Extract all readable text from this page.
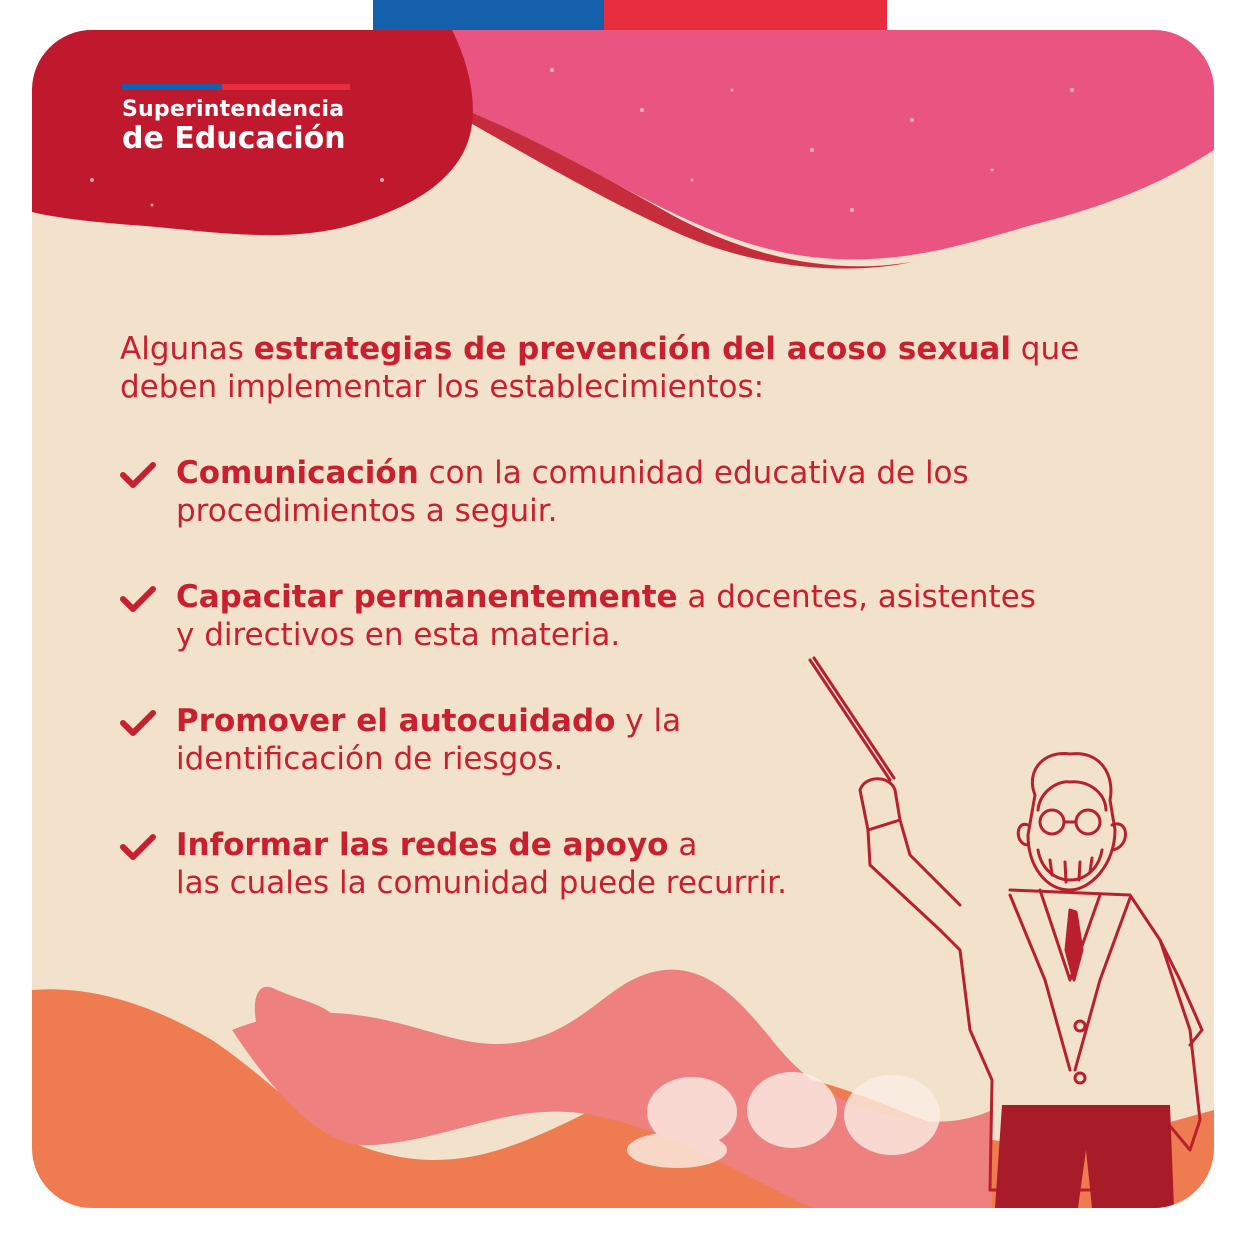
Superintendencia
de Educación
Algunas estrategias de prevención del acoso sexual que
deben implementar los establecimientos:
Comunicación con la comunidad educativa de los
procedimientos a seguir.
Capacitar permanentemente a docentes, asistentes
y directivos en esta materia.
Promover el autocuidado y la
identificación de riesgos.
Informar las redes de apoyo a
las cuales la comunidad puede recurrir.
